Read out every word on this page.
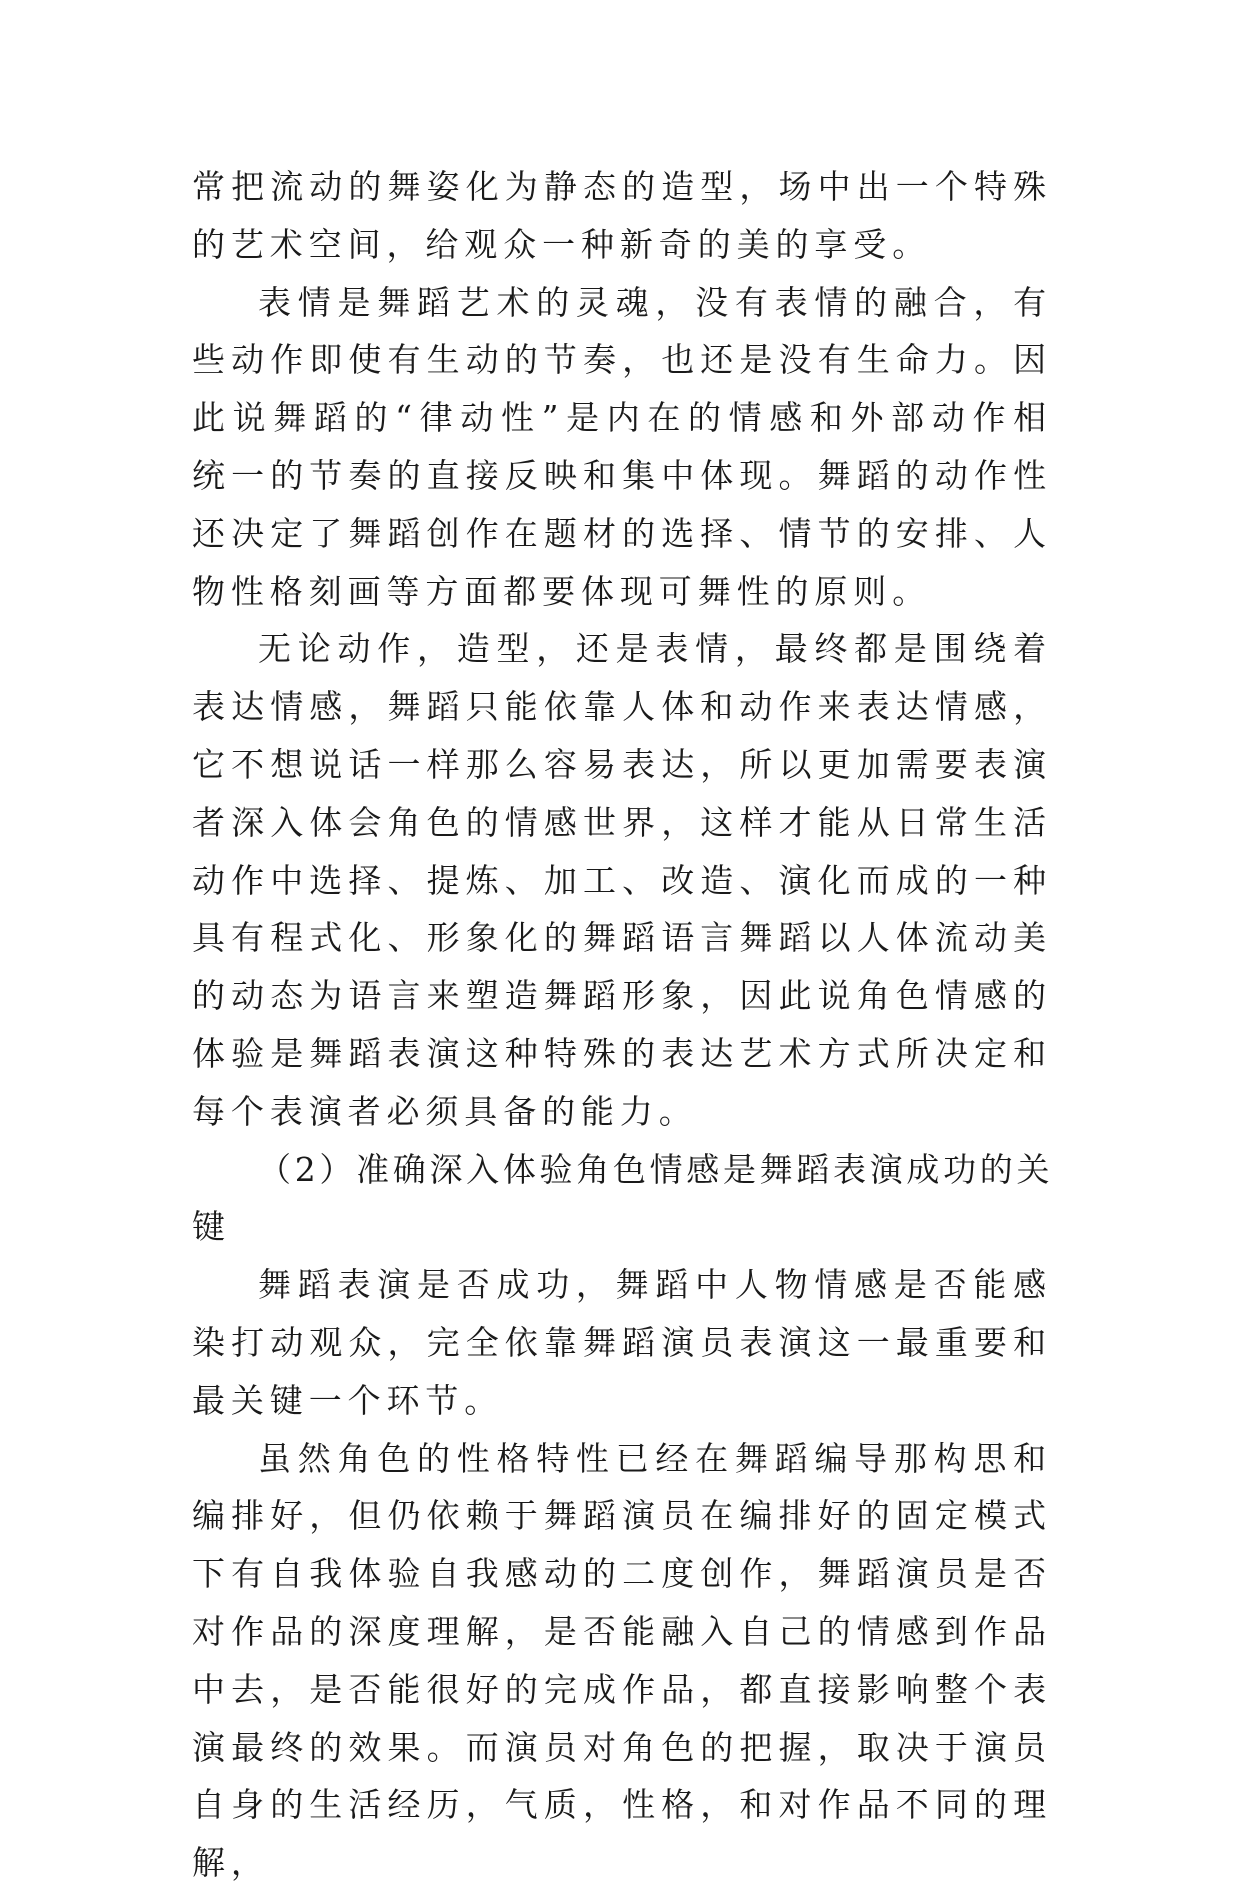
常把流动的舞姿化为静态的造型，场中出一个特殊的艺术空间，给观众一种新奇的美的享受。

表情是舞蹈艺术的灵魂，没有表情的融合，有些动作即使有生动的节奏，也还是没有生命力。因此说舞蹈的“律动性”是内在的情感和外部动作相统一的节奏的直接反映和集中体现。舞蹈的动作性还决定了舞蹈创作在题材的选择、情节的安排、人物性格刻画等方面都要体现可舞性的原则。

无论动作，造型，还是表情，最终都是围绕着表达情感，舞蹈只能依靠人体和动作来表达情感，它不想说话一样那么容易表达，所以更加需要表演者深入体会角色的情感世界，这样才能从日常生活动作中选择、提炼、加工、改造、演化而成的一种具有程式化、形象化的舞蹈语言舞蹈以人体流动美的动态为语言来塑造舞蹈形象，因此说角色情感的体验是舞蹈表演这种特殊的表达艺术方式所决定和每个表演者必须具备的能力。

（2）准确深入体验角色情感是舞蹈表演成功的关键

舞蹈表演是否成功，舞蹈中人物情感是否能感染打动观众，完全依靠舞蹈演员表演这一最重要和最关键一个环节。

虽然角色的性格特性已经在舞蹈编导那构思和编排好，但仍依赖于舞蹈演员在编排好的固定模式下有自我体验自我感动的二度创作，舞蹈演员是否对作品的深度理解，是否能融入自己的情感到作品中去，是否能很好的完成作品，都直接影响整个表演最终的效果。而演员对角色的把握，取决于演员自身的生活经历，气质，性格，和对作品不同的理解，
